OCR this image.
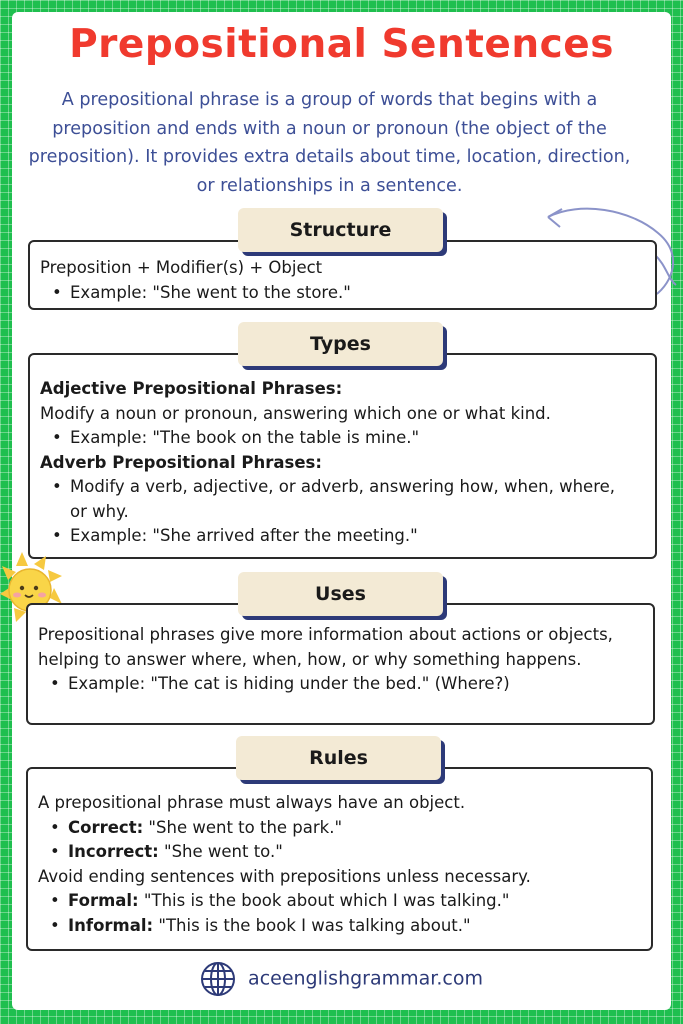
Prepositional Sentences
A prepositional phrase is a group of words that begins with a preposition and ends with a noun or pronoun (the object of the preposition). It provides extra details about time, location, direction, or relationships in a sentence.

Preposition + Modifier(s) + Object

• Example: "She went to the store."

Structure

Adjective Prepositional Phrases:

Modify a noun or pronoun, answering which one or what kind.

• Example: "The book on the table is mine."

Adverb Prepositional Phrases:

• Modify a verb, adjective, or adverb, answering how, when, where, or why.

• Example: "She arrived after the meeting."

Types

Prepositional phrases give more information about actions or objects, helping to answer where, when, how, or why something happens.

• Example: "The cat is hiding under the bed." (Where?)

Uses

A prepositional phrase must always have an object.

• Correct: "She went to the park."

• Incorrect: "She went to."

Avoid ending sentences with prepositions unless necessary.

• Formal: "This is the book about which I was talking."

• Informal: "This is the book I was talking about."

Rules
aceenglishgrammar.com
